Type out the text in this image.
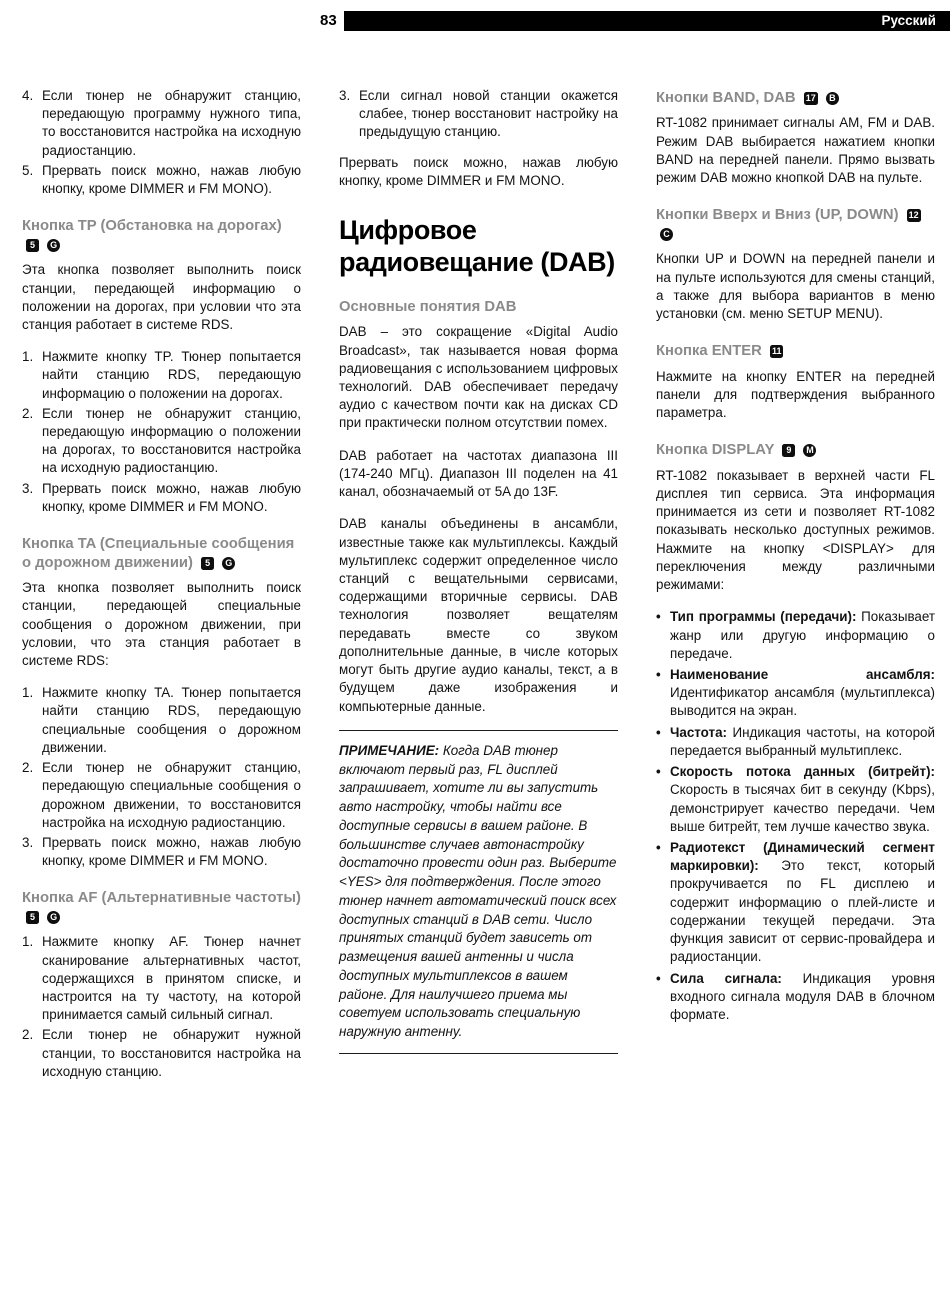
83	Русский
4. Если тюнер не обнаружит станцию, передающую программу нужного типа, то восстановится настройка на исходную радиостанцию.
5. Прервать поиск можно, нажав любую кнопку, кроме DIMMER и FM MONO).
Кнопка TP (Обстановка на дорогах) 5 G

Эта кнопка позволяет выполнить поиск станции, передающей информацию о положении на дорогах, при условии что эта станция работает в системе RDS.

1. Нажмите кнопку TP. Тюнер попытается найти станцию RDS, передающую информацию о положении на дорогах.
2. Если тюнер не обнаружит станцию, передающую информацию о положении на дорогах, то восстановится настройка на исходную радиостанцию.
3. Прервать поиск можно, нажав любую кнопку, кроме DIMMER и FM MONO.
Кнопка TA (Специальные сообщения о дорожном движении) 5 G

Эта кнопка позволяет выполнить поиск станции, передающей специальные сообщения о дорожном движении, при условии, что эта станция работает в системе RDS:

1. Нажмите кнопку TA. Тюнер попытается найти станцию RDS, передающую специальные сообщения о дорожном движении.
2. Если тюнер не обнаружит станцию, передающую специальные сообщения о дорожном движении, то восстановится настройка на исходную радиостанцию.
3. Прервать поиск можно, нажав любую кнопку, кроме DIMMER и FM MONO.
Кнопка AF (Альтернативные частоты) 5 G
1. Нажмите кнопку AF. Тюнер начнет сканирование альтернативных частот, содержащихся в принятом списке, и настроится на ту частоту, на которой принимается самый сильный сигнал.
2. Если тюнер не обнаружит нужной станции, то восстановится настройка на исходную станцию.
3. Если сигнал новой станции окажется слабее, тюнер восстановит настройку на предыдущую станцию.

Прервать поиск можно, нажав любую кнопку, кроме DIMMER и FM MONO.

Цифровое радиовещание (DAB)
Основные понятия DAB

DAB – это сокращение «Digital Audio Broadcast», так называется новая форма радиовещания с использованием цифровых технологий. DAB обеспечивает передачу аудио с качеством почти как на дисках CD при практически полном отсутствии помех.

DAB работает на частотах диапазона III (174-240 МГц). Диапазон III поделен на 41 канал, обозначаемый от 5A до 13F.

DAB каналы объединены в ансамбли, известные также как мультиплексы. Каждый мультиплекс содержит определенное число станций с вещательными сервисами, содержащими вторичные сервисы. DAB технология позволяет вещателям передавать вместе со звуком дополнительные данные, в числе которых могут быть другие аудио каналы, текст, а в будущем даже изображения и компьютерные данные.

ПРИМЕЧАНИЕ: Когда DAB тюнер включают первый раз, FL дисплей запрашивает, хотите ли вы запустить авто настройку, чтобы найти все доступные сервисы в вашем районе. В большинстве случаев автонастройку достаточно провести один раз. Выберите <YES> для подтверждения. После этого тюнер начнет автоматический поиск всех доступных станций в DAB сети. Число принятых станций будет зависеть от размещения вашей антенны и числа доступных мультиплексов в вашем районе. Для наилучшего приема мы советуем использовать специальную наружную антенну.

Кнопки BAND, DAB 17 B

RT-1082 принимает сигналы AM, FM и DAB. Режим DAB выбирается нажатием кнопки BAND на передней панели. Прямо вызвать режим DAB можно кнопкой DAB на пульте.

Кнопки Вверх и Вниз (UP, DOWN) 12 C

Кнопки UP и DOWN на передней панели и на пульте используются для смены станций, а также для выбора вариантов в меню установки (см. меню SETUP MENU).

Кнопка ENTER 11

Нажмите на кнопку ENTER на передней панели для подтверждения выбранного параметра.

Кнопка DISPLAY 9 M

RT-1082 показывает в верхней части FL дисплея тип сервиса. Эта информация принимается из сети и позволяет RT-1082 показывать несколько доступных режимов. Нажмите на кнопку <DISPLAY> для переключения между различными режимами:

• Тип программы (передачи): Показывает жанр или другую информацию о передаче.
• Наименование ансамбля: Идентификатор ансамбля (мультиплекса) выводится на экран.
• Частота: Индикация частоты, на которой передается выбранный мультиплекс.
• Скорость потока данных (битрейт): Скорость в тысячах бит в секунду (Kbps), демонстрирует качество передачи. Чем выше битрейт, тем лучше качество звука.
• Радиотекст (Динамический сегмент маркировки): Это текст, который прокручивается по FL дисплею и содержит информацию о плей-листе и содержании текущей передачи. Эта функция зависит от сервис-провайдера и радиостанции.
• Сила сигнала: Индикация уровня входного сигнала модуля DAB в блочном формате.
